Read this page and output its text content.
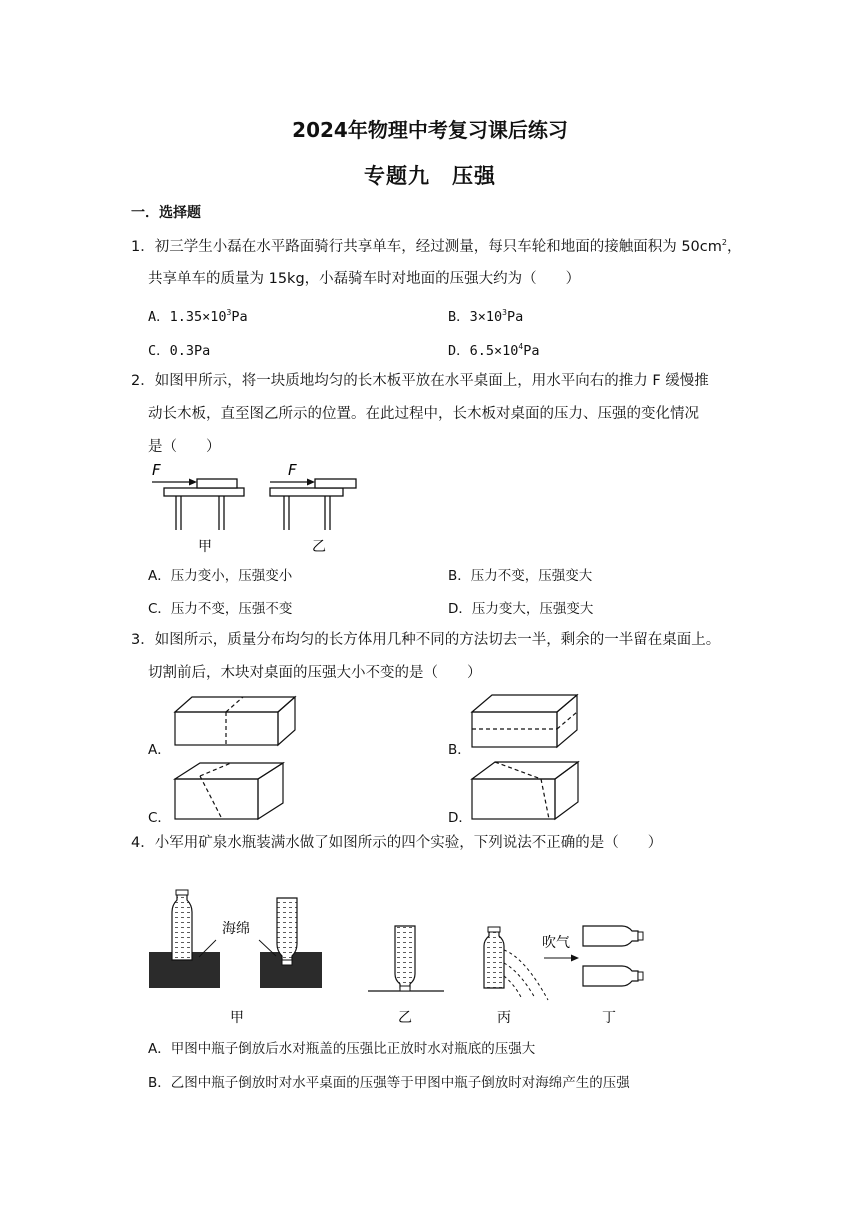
2024年物理中考复习课后练习
专题九　压强
一．选择题
1．初三学生小磊在水平路面骑行共享单车，经过测量，每只车轮和地面的接触面积为 $50cm^2$，
共享单车的质量为 15kg，小磊骑车时对地面的压强大约为（　　）
A．$1.35\times 10^3Pa$	B．$3\times 10^3Pa$
C．0.3Pa	D．$6.5\times 10^4Pa$
2．如图甲所示，将一块质地均匀的长木板平放在水平桌面上，用水平向右的推力 F 缓慢推
动长木板，直至图乙所示的位置。在此过程中，长木板对桌面的压力、压强的变化情况
是（　　）
F
甲
F
乙
海绵
甲	乙	丙
吹气
丁
A．压力变小，压强变小	B．压力不变，压强变大
C．压力不变，压强不变	D．压力变大，压强变大
3．如图所示，质量分布均匀的长方体用几种不同的方法切去一半，剩余的一半留在桌面上。
切割前后，木块对桌面的压强大小不变的是（　　）
A．	B．
C．	D．
4．小军用矿泉水瓶装满水做了如图所示的四个实验，下列说法不正确的是（　　）
A．甲图中瓶子倒放后水对瓶盖的压强比正放时水对瓶底的压强大
B．乙图中瓶子倒放时对水平桌面的压强等于甲图中瓶子倒放时对海绵产生的压强
